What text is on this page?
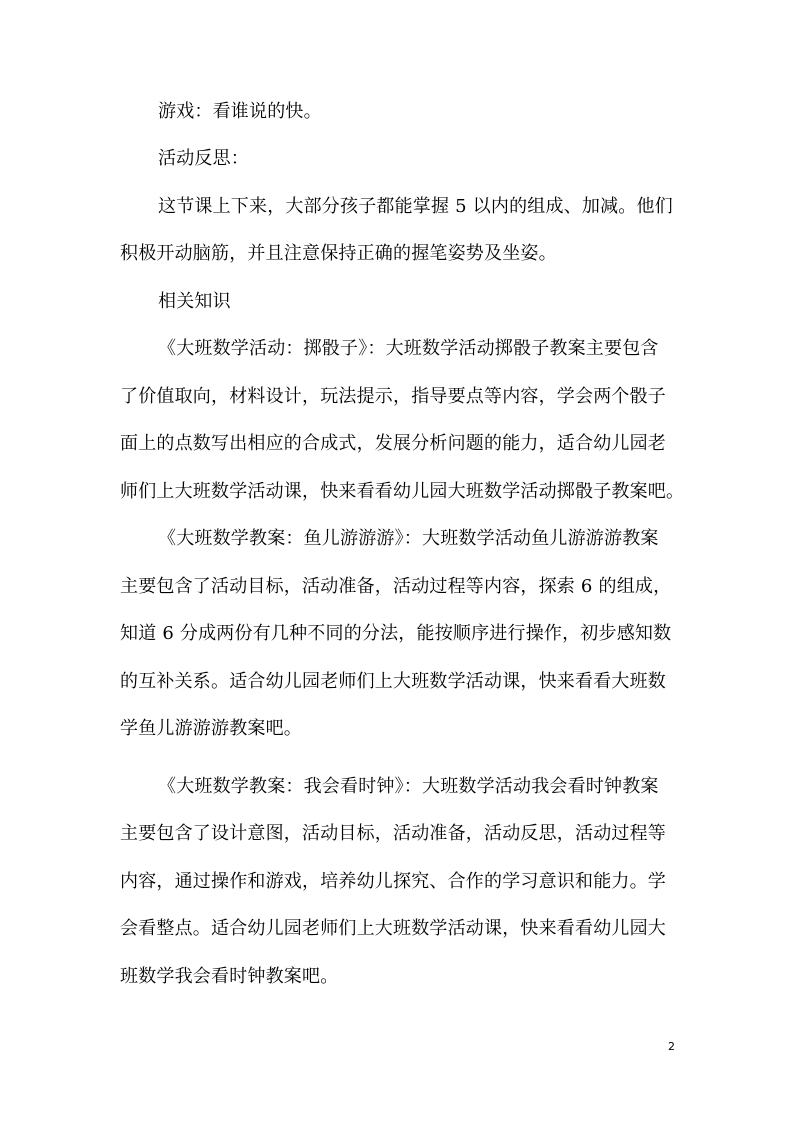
游戏：看谁说的快。
活动反思：
这节课上下来，大部分孩子都能掌握 5 以内的组成、加减。他们
积极开动脑筋，并且注意保持正确的握笔姿势及坐姿。
相关知识
《大班数学活动：掷骰子》：大班数学活动掷骰子教案主要包含
了价值取向，材料设计，玩法提示，指导要点等内容，学会两个骰子
面上的点数写出相应的合成式，发展分析问题的能力，适合幼儿园老
师们上大班数学活动课，快来看看幼儿园大班数学活动掷骰子教案吧。
《大班数学教案：鱼儿游游游》：大班数学活动鱼儿游游游教案
主要包含了活动目标，活动准备，活动过程等内容，探索 6 的组成，
知道 6 分成两份有几种不同的分法，能按顺序进行操作，初步感知数
的互补关系。适合幼儿园老师们上大班数学活动课，快来看看大班数
学鱼儿游游游教案吧。
《大班数学教案：我会看时钟》：大班数学活动我会看时钟教案
主要包含了设计意图，活动目标，活动准备，活动反思，活动过程等
内容，通过操作和游戏，培养幼儿探究、合作的学习意识和能力。学
会看整点。适合幼儿园老师们上大班数学活动课，快来看看幼儿园大
班数学我会看时钟教案吧。
2
